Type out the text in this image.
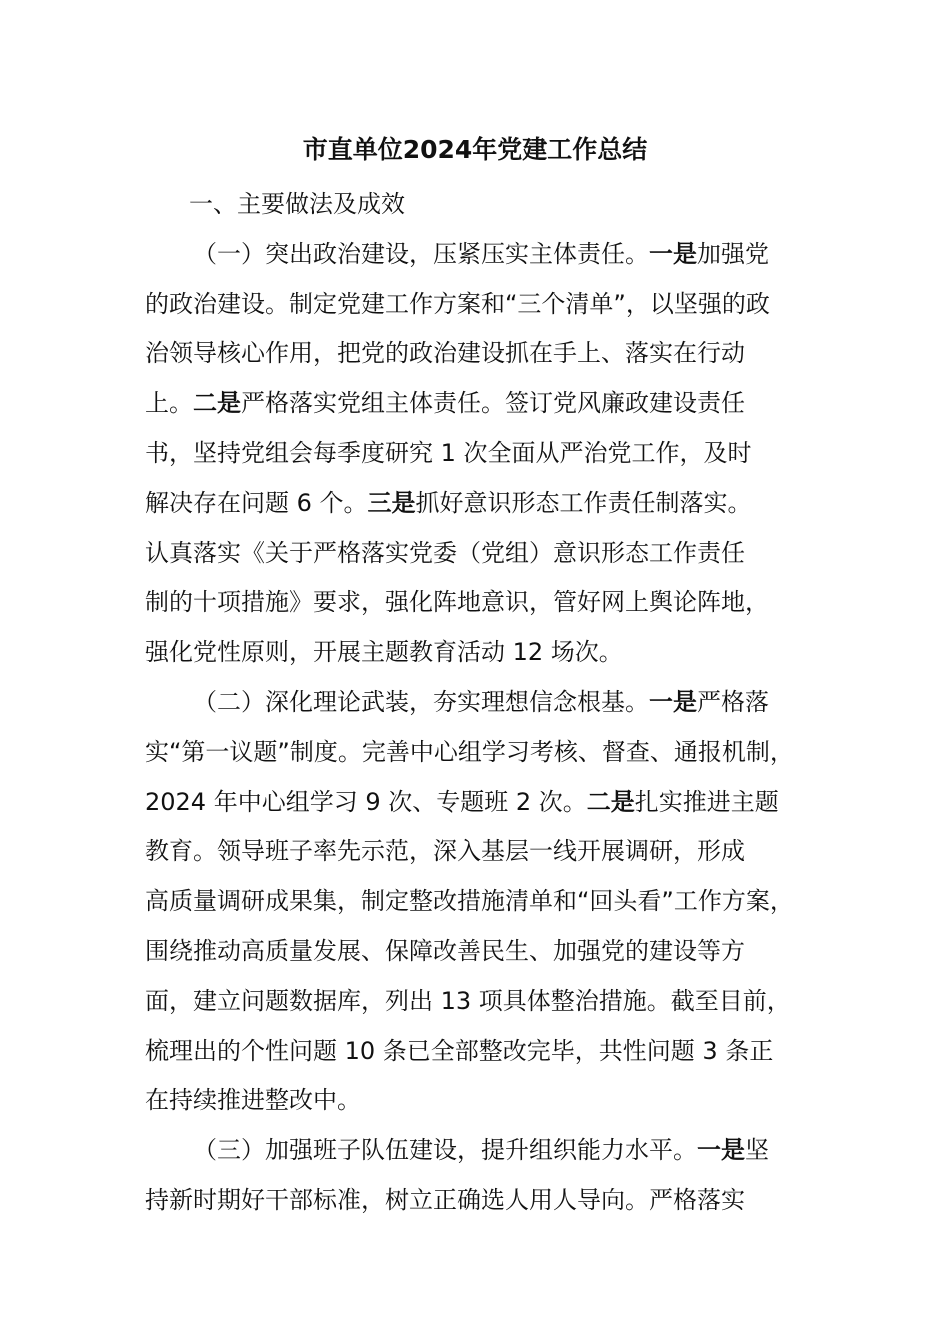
市直单位2024年党建工作总结
一、主要做法及成效
（一）突出政治建设，压紧压实主体责任。一是加强党
的政治建设。制定党建工作方案和“三个清单”，以坚强的政
治领导核心作用，把党的政治建设抓在手上、落实在行动
上。二是严格落实党组主体责任。签订党风廉政建设责任
书，坚持党组会每季度研究 1 次全面从严治党工作，及时
解决存在问题 6 个。三是抓好意识形态工作责任制落实。
认真落实《关于严格落实党委（党组）意识形态工作责任
制的十项措施》要求，强化阵地意识，管好网上舆论阵地，
强化党性原则，开展主题教育活动 12 场次。
（二）深化理论武装，夯实理想信念根基。一是严格落
实“第一议题”制度。完善中心组学习考核、督查、通报机制，
2024 年中心组学习 9 次、专题班 2 次。二是扎实推进主题
教育。领导班子率先示范，深入基层一线开展调研，形成
高质量调研成果集，制定整改措施清单和“回头看”工作方案，
围绕推动高质量发展、保障改善民生、加强党的建设等方
面，建立问题数据库，列出 13 项具体整治措施。截至目前，
梳理出的个性问题 10 条已全部整改完毕，共性问题 3 条正
在持续推进整改中。
（三）加强班子队伍建设，提升组织能力水平。一是坚
持新时期好干部标准，树立正确选人用人导向。严格落实
